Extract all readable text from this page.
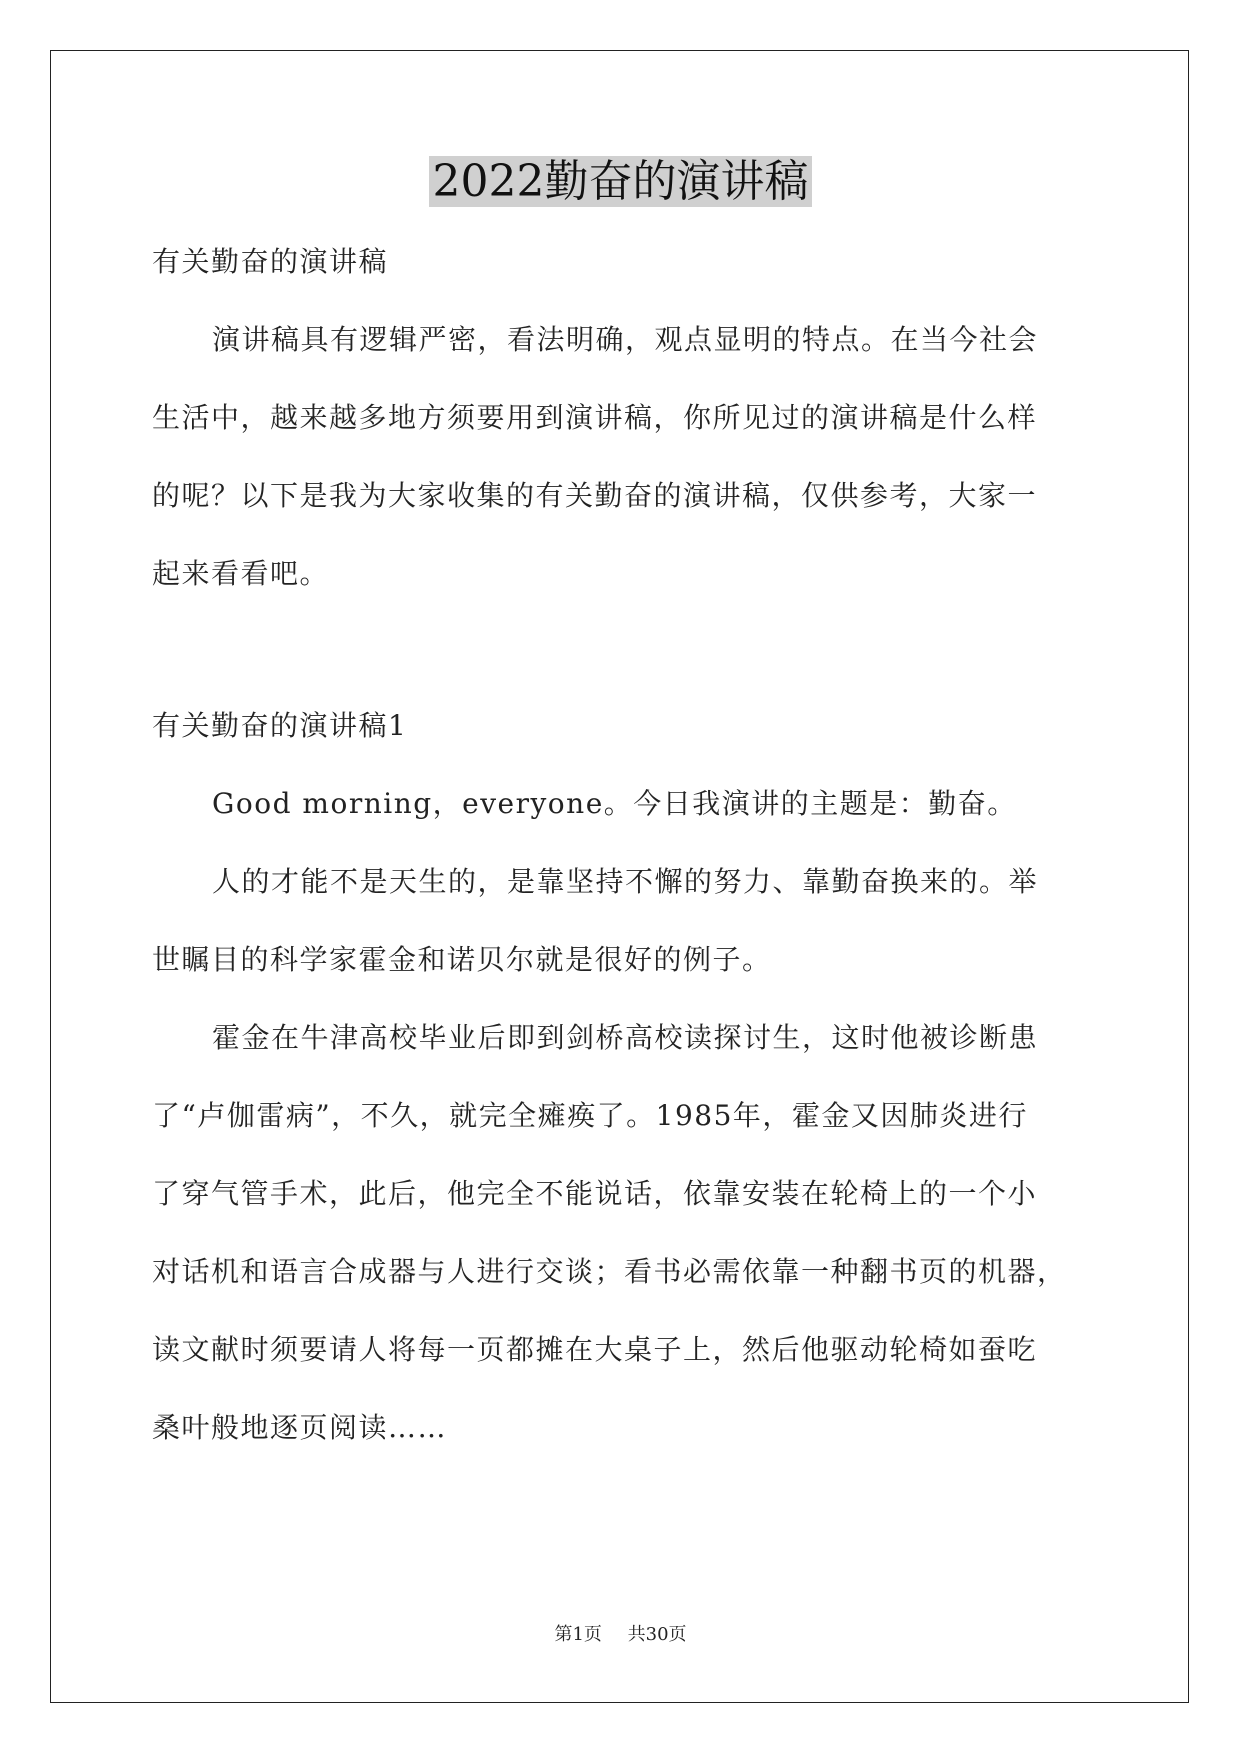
2022勤奋的演讲稿
有关勤奋的演讲稿
演讲稿具有逻辑严密，看法明确，观点显明的特点。在当今社会
生活中，越来越多地方须要用到演讲稿，你所见过的演讲稿是什么样
的呢？以下是我为大家收集的有关勤奋的演讲稿，仅供参考，大家一
起来看看吧。
有关勤奋的演讲稿1
Good morning，everyone。今日我演讲的主题是：勤奋。
人的才能不是天生的，是靠坚持不懈的努力、靠勤奋换来的。举
世瞩目的科学家霍金和诺贝尔就是很好的例子。
霍金在牛津高校毕业后即到剑桥高校读探讨生，这时他被诊断患
了“卢伽雷病”，不久，就完全瘫痪了。1985年，霍金又因肺炎进行
了穿气管手术，此后，他完全不能说话，依靠安装在轮椅上的一个小
对话机和语言合成器与人进行交谈；看书必需依靠一种翻书页的机器，
读文献时须要请人将每一页都摊在大桌子上，然后他驱动轮椅如蚕吃
桑叶般地逐页阅读……
第1页 共30页
